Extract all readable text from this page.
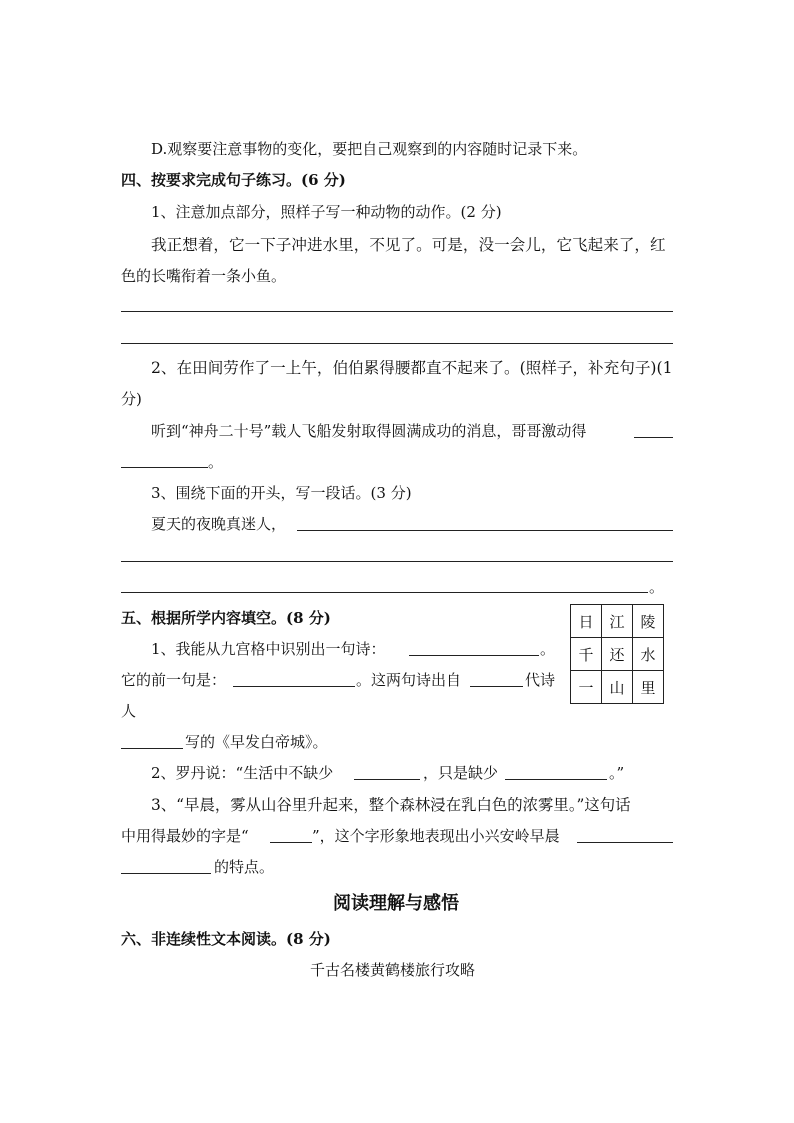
D.观察要注意事物的变化，要把自己观察到的内容随时记录下来。
四、按要求完成句子练习。(6 分)
1、注意加点部分，照样子写一种动物的动作。(2 分)
我正想着，它一下子冲进水里，不见了。可是，没一会儿，它飞起来了，红
色的长嘴衔着一条小鱼。
2、在田间劳作了一上午，伯伯累得腰都直不起来了。(照样子，补充句子)(1
分)
听到“神舟二十号”载人飞船发射取得圆满成功的消息，哥哥激动得
。
3、围绕下面的开头，写一段话。(3 分)
夏天的夜晚真迷人，
。
五、根据所学内容填空。(8 分)	日	江	陵
千	还	水
一	山	里
1、我能从九宫格中识别出一句诗：	。
它的前一句是：	。这两句诗出自	代诗
人
写的《早发白帝城》。
2、罗丹说：“生活中不缺少	，只是缺少	。”
3、“早晨，雾从山谷里升起来，整个森林浸在乳白色的浓雾里。”这句话
中用得最妙的字是“	”，这个字形象地表现出小兴安岭早晨
的特点。
阅读理解与感悟
六、非连续性文本阅读。(8 分)
千古名楼黄鹤楼旅行攻略
